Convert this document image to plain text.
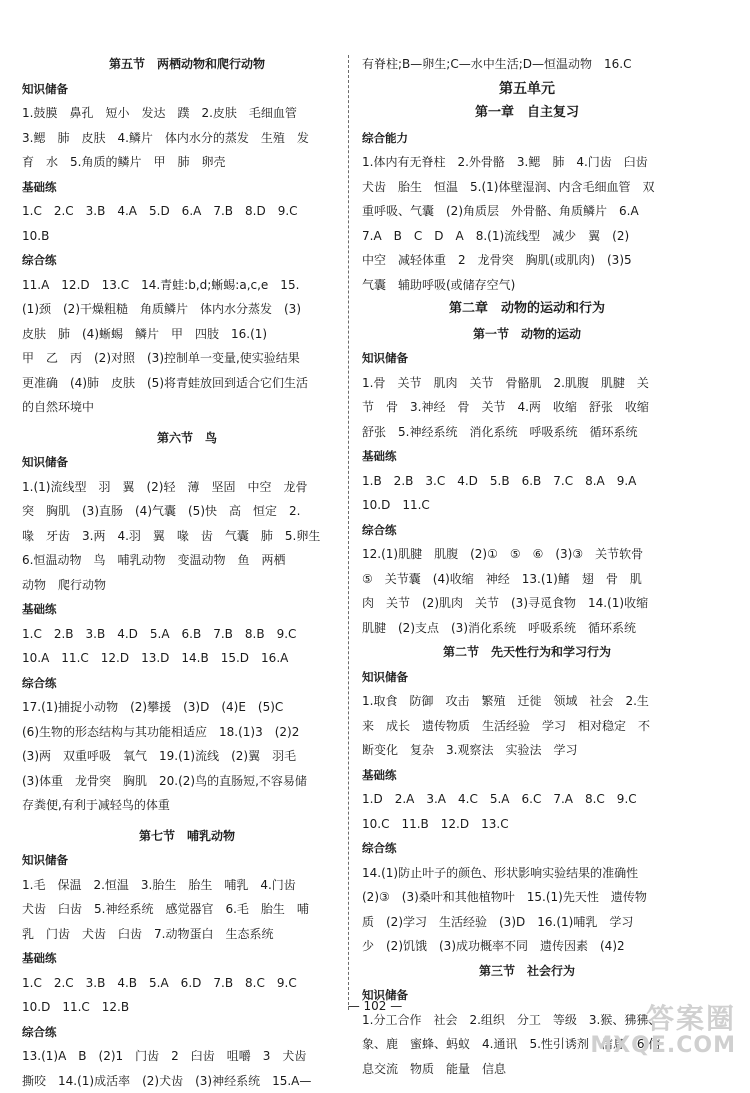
第五节　两栖动物和爬行动物
知识储备
1.鼓膜　鼻孔　短小　发达　蹼　2.皮肤　毛细血管
3.鳃　肺　皮肤　4.鳞片　体内水分的蒸发　生殖　发
育　水　5.角质的鳞片　甲　肺　卵壳
基础练
1.C　2.C　3.B　4.A　5.D　6.A　7.B　8.D　9.C
10.B
综合练
11.A　12.D　13.C　14.青蛙:b,d;蜥蜴:a,c,e　15.
(1)颈　(2)干燥粗糙　角质鳞片　体内水分蒸发　(3)
皮肤　肺　(4)蜥蜴　鳞片　甲　四肢　16.(1)
甲　乙　丙　(2)对照　(3)控制单一变量,使实验结果
更准确　(4)肺　皮肤　(5)将青蛙放回到适合它们生活
的自然环境中
第六节　鸟
知识储备
1.(1)流线型　羽　翼　(2)轻　薄　坚固　中空　龙骨
突　胸肌　(3)直肠　(4)气囊　(5)快　高　恒定　2.
喙　牙齿　3.两　4.羽　翼　喙　齿　气囊　肺　5.卵生
6.恒温动物　鸟　哺乳动物　变温动物　鱼　两栖
动物　爬行动物
基础练
1.C　2.B　3.B　4.D　5.A　6.B　7.B　8.B　9.C
10.A　11.C　12.D　13.D　14.B　15.D　16.A
综合练
17.(1)捕捉小动物　(2)攀援　(3)D　(4)E　(5)C
(6)生物的形态结构与其功能相适应　18.(1)3　(2)2
(3)两　双重呼吸　氧气　19.(1)流线　(2)翼　羽毛
(3)体重　龙骨突　胸肌　20.(2)鸟的直肠短,不容易储
存粪便,有利于减轻鸟的体重
第七节　哺乳动物
知识储备
1.毛　保温　2.恒温　3.胎生　胎生　哺乳　4.门齿
犬齿　臼齿　5.神经系统　感觉器官　6.毛　胎生　哺
乳　门齿　犬齿　臼齿　7.动物蛋白　生态系统
基础练
1.C　2.C　3.B　4.B　5.A　6.D　7.B　8.C　9.C
10.D　11.C　12.B
综合练
13.(1)A　B　(2)1　门齿　2　臼齿　咀嚼　3　犬齿
撕咬　14.(1)成活率　(2)犬齿　(3)神经系统　15.A—
有脊柱;B—卵生;C—水中生活;D—恒温动物　16.C
第五单元
第一章　自主复习
综合能力
1.体内有无脊柱　2.外骨骼　3.鳃　肺　4.门齿　臼齿
犬齿　胎生　恒温　5.(1)体壁湿润、内含毛细血管　双
重呼吸、气囊　(2)角质层　外骨骼、角质鳞片　6.A
7.A　B　C　D　A　8.(1)流线型　减少　翼　(2)
中空　减轻体重　2　龙骨突　胸肌(或肌肉)　(3)5
气囊　辅助呼吸(或储存空气)
第二章　动物的运动和行为
第一节　动物的运动
知识储备
1.骨　关节　肌肉　关节　骨骼肌　2.肌腹　肌腱　关
节　骨　3.神经　骨　关节　4.两　收缩　舒张　收缩
舒张　5.神经系统　消化系统　呼吸系统　循环系统
基础练
1.B　2.B　3.C　4.D　5.B　6.B　7.C　8.A　9.A
10.D　11.C
综合练
12.(1)肌腱　肌腹　(2)①　⑤　⑥　(3)③　关节软骨
⑤　关节囊　(4)收缩　神经　13.(1)鳍　翅　骨　肌
肉　关节　(2)肌肉　关节　(3)寻觅食物　14.(1)收缩
肌腱　(2)支点　(3)消化系统　呼吸系统　循环系统
第二节　先天性行为和学习行为
知识储备
1.取食　防御　攻击　繁殖　迁徙　领域　社会　2.生
来　成长　遗传物质　生活经验　学习　相对稳定　不
断变化　复杂　3.观察法　实验法　学习
基础练
1.D　2.A　3.A　4.C　5.A　6.C　7.A　8.C　9.C
10.C　11.B　12.D　13.C
综合练
14.(1)防止叶子的颜色、形状影响实验结果的准确性
(2)③　(3)桑叶和其他植物叶　15.(1)先天性　遗传物
质　(2)学习　生活经验　(3)D　16.(1)哺乳　学习
少　(2)饥饿　(3)成功概率不同　遗传因素　(4)2
第三节　社会行为
知识储备
1.分工合作　社会　2.组织　分工　等级　3.猴、狒狒、
象、鹿　蜜蜂、蚂蚁　4.通讯　5.性引诱剂　信息　6.信
息交流　物质　能量　信息
— 102 —	答案圈
MXQE.COM
